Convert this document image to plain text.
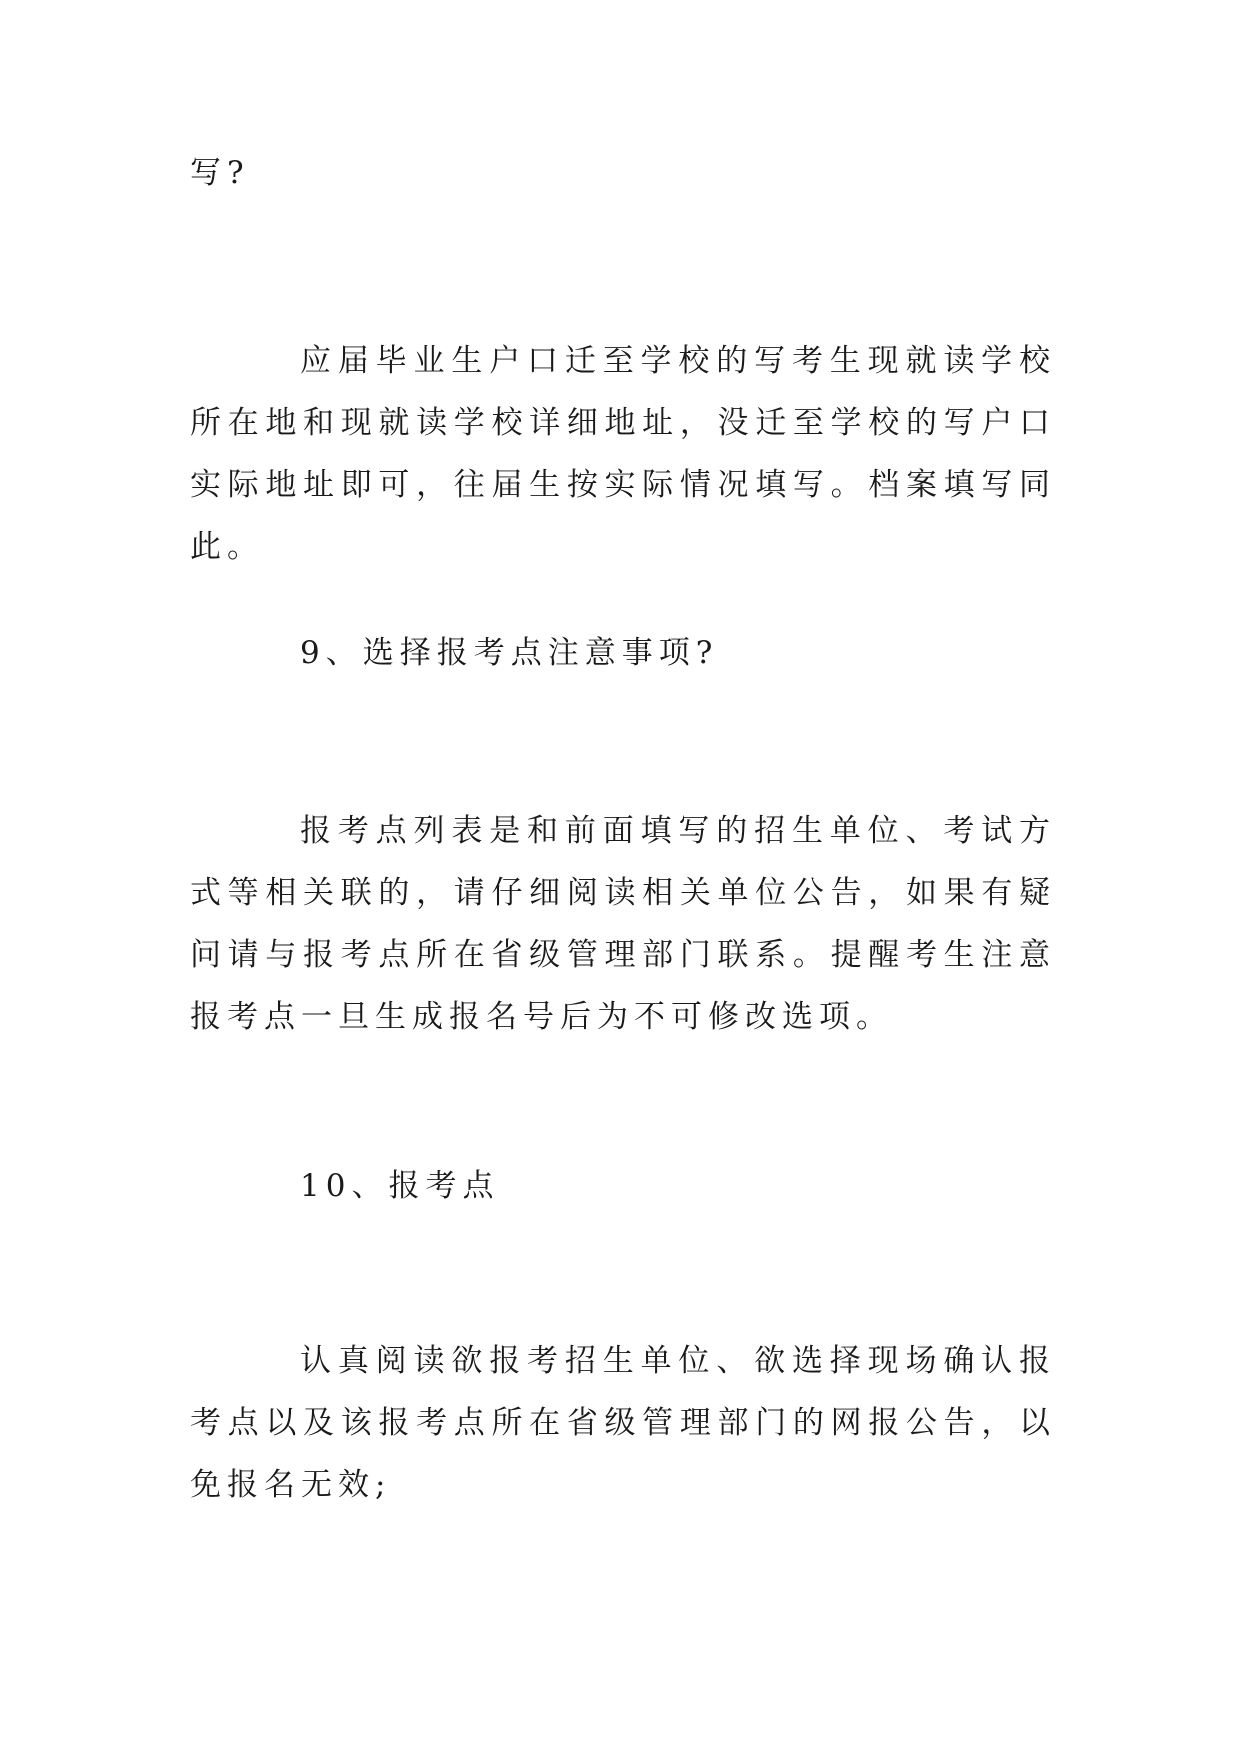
写?

应届毕业生户口迁至学校的写考生现就读学校所在地和现就读学校详细地址，没迁至学校的写户口实际地址即可，往届生按实际情况填写。档案填写同此。

9、选择报考点注意事项?

报考点列表是和前面填写的招生单位、考试方式等相关联的，请仔细阅读相关单位公告，如果有疑问请与报考点所在省级管理部门联系。提醒考生注意报考点一旦生成报名号后为不可修改选项。

10、报考点

认真阅读欲报考招生单位、欲选择现场确认报考点以及该报考点所在省级管理部门的网报公告，以免报名无效;
